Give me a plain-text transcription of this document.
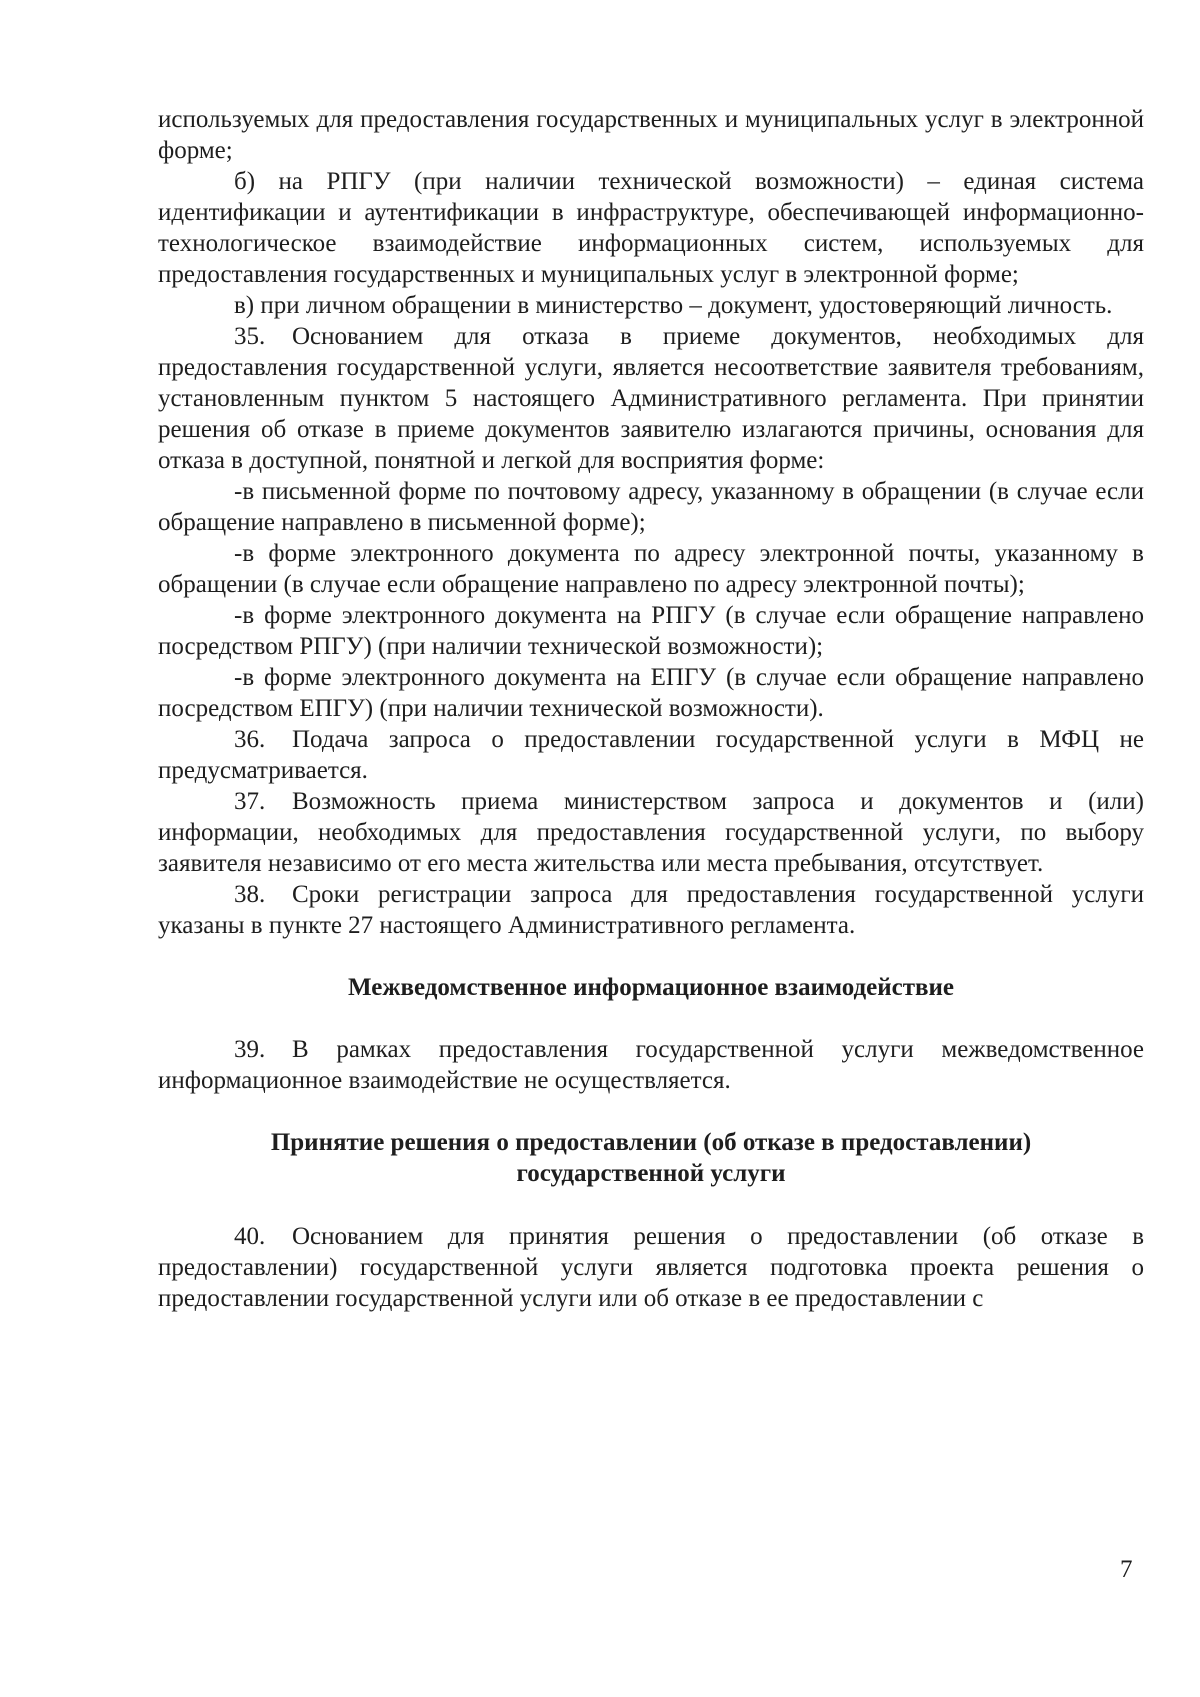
используемых для предоставления государственных и муниципальных услуг в электронной форме;

б) на РПГУ (при наличии технической возможности) – единая система идентификации и аутентификации в инфраструктуре, обеспечивающей информационно-технологическое взаимодействие информационных систем, используемых для предоставления государственных и муниципальных услуг в электронной форме;

в) при личном обращении в министерство – документ, удостоверяющий личность.

35. Основанием для отказа в приеме документов, необходимых для предоставления государственной услуги, является несоответствие заявителя требованиям, установленным пунктом 5 настоящего Административного регламента. При принятии решения об отказе в приеме документов заявителю излагаются причины, основания для отказа в доступной, понятной и легкой для восприятия форме:

-в письменной форме по почтовому адресу, указанному в обращении (в случае если обращение направлено в письменной форме);

-в форме электронного документа по адресу электронной почты, указанному в обращении (в случае если обращение направлено по адресу электронной почты);

-в форме электронного документа на РПГУ (в случае если обращение направлено посредством РПГУ) (при наличии технической возможности);

-в форме электронного документа на ЕПГУ (в случае если обращение направлено посредством ЕПГУ) (при наличии технической возможности).

36. Подача запроса о предоставлении государственной услуги в МФЦ не предусматривается.

37. Возможность приема министерством запроса и документов и (или) информации, необходимых для предоставления государственной услуги, по выбору заявителя независимо от его места жительства или места пребывания, отсутствует.

38. Сроки регистрации запроса для предоставления государственной услуги указаны в пункте 27 настоящего Административного регламента.

Межведомственное информационное взаимодействие

39. В рамках предоставления государственной услуги межведомственное информационное взаимодействие не осуществляется.

Принятие решения о предоставлении (об отказе в предоставлении)
государственной услуги

40. Основанием для принятия решения о предоставлении (об отказе в предоставлении) государственной услуги является подготовка проекта решения о предоставлении государственной услуги или об отказе в ее предоставлении с

7
